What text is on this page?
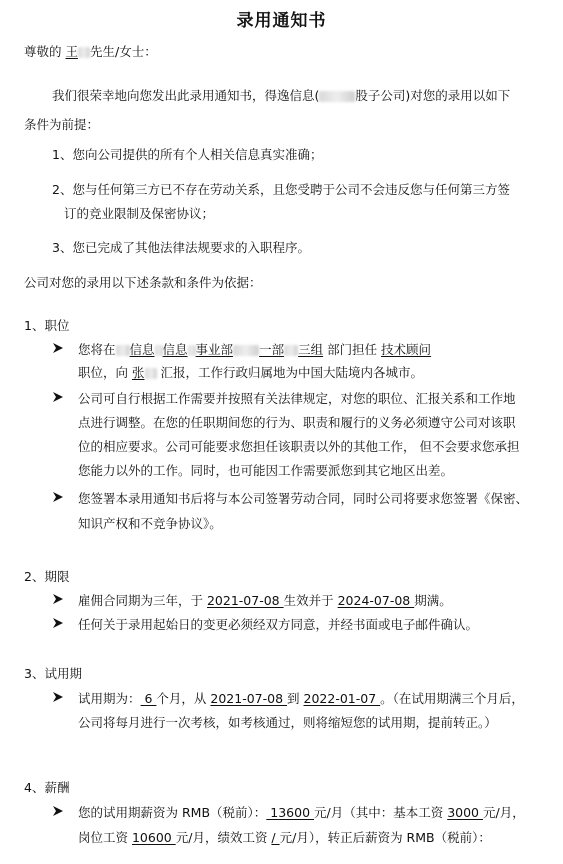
录用通知书
尊敬的 王 先生/女士：
我们很荣幸地向您发出此录用通知书，得逸信息(	股子公司)对您的录用以如下
条件为前提：
1、您向公司提供的所有个人相关信息真实准确；
2、您与任何第三方已不存在劳动关系，且您受聘于公司不会违反您与任何第三方签
订的竞业限制及保密协议；
3、您已完成了其他法律法规要求的入职程序。
公司对您的录用以下述条款和条件为依据：
1、职位
您将在 信息 信息 事业部 一部 三组 部门担任 技术顾问
职位，向 张 汇报，工作行政归属地为中国大陆境内各城市。
公司可自行根据工作需要并按照有关法律规定，对您的职位、汇报关系和工作地
点进行调整。在您的任职期间您的行为、职责和履行的义务必须遵守公司对该职
位的相应要求。公司可能要求您担任该职责以外的其他工作， 但不会要求您承担
您能力以外的工作。同时，也可能因工作需要派您到其它地区出差。
您签署本录用通知书后将与本公司签署劳动合同，同时公司将要求您签署《保密、
知识产权和不竞争协议》。
2、期限
雇佣合同期为三年，于 2021-07-08 生效并于 2024-07-08 期满。
任何关于录用起始日的变更必须经双方同意，并经书面或电子邮件确认。
3、试用期
试用期为： 6 个月，从 2021-07-08 到 2022-01-07 。（在试用期满三个月后，
公司将每月进行一次考核，如考核通过，则将缩短您的试用期，提前转正。）
4、薪酬
您的试用期薪资为 RMB（税前）： 13600 元/月（其中：基本工资 3000 元/月，
岗位工资 10600 元/月，绩效工资 / 元/月），转正后薪资为 RMB（税前）：
